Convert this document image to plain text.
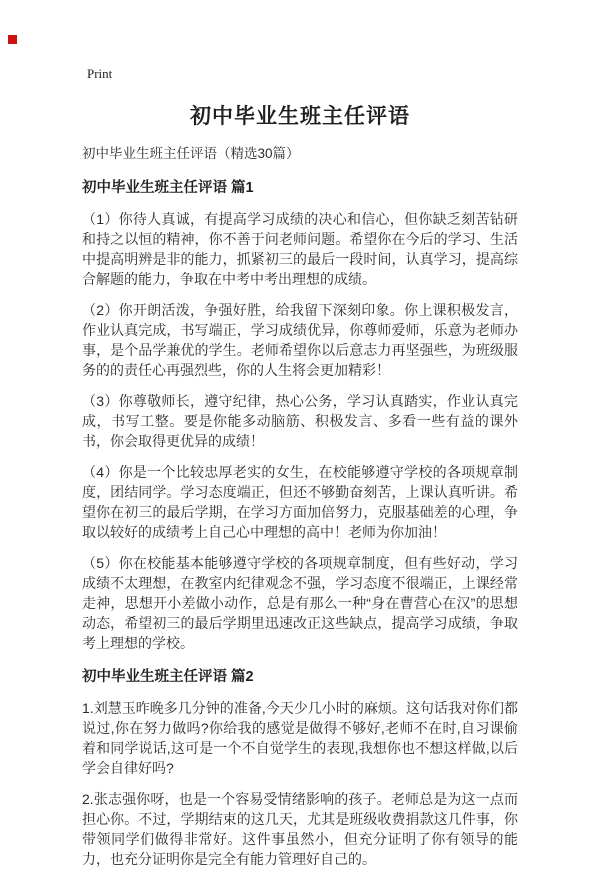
Print
初中毕业生班主任评语
初中毕业生班主任评语（精选30篇）
初中毕业生班主任评语 篇1

（1）你待人真诚，有提高学习成绩的决心和信心，但你缺乏刻苦钻研和持之以恒的精神，你不善于问老师问题。希望你在今后的学习、生活中提高明辨是非的能力，抓紧初三的最后一段时间，认真学习，提高综合解题的能力，争取在中考中考出理想的成绩。

（2）你开朗活泼，争强好胜，给我留下深刻印象。你上课积极发言，作业认真完成，书写端正，学习成绩优异，你尊师爱师，乐意为老师办事，是个品学兼优的学生。老师希望你以后意志力再坚强些，为班级服务的的责任心再强烈些，你的人生将会更加精彩！

（3）你尊敬师长，遵守纪律，热心公务，学习认真踏实，作业认真完成，书写工整。要是你能多动脑筋、积极发言、多看一些有益的课外书，你会取得更优异的成绩！

（4）你是一个比较忠厚老实的女生，在校能够遵守学校的各项规章制度，团结同学。学习态度端正，但还不够勤奋刻苦，上课认真听讲。希望你在初三的最后学期，在学习方面加倍努力，克服基础差的心理，争取以较好的成绩考上自己心中理想的高中！老师为你加油！

（5）你在校能基本能够遵守学校的各项规章制度，但有些好动，学习成绩不太理想，在教室内纪律观念不强，学习态度不很端正，上课经常走神，思想开小差做小动作，总是有那么一种“身在曹营心在汉”的思想动态，希望初三的最后学期里迅速改正这些缺点，提高学习成绩，争取考上理想的学校。

初中毕业生班主任评语 篇2

1.刘慧玉昨晚多几分钟的准备,今天少几小时的麻烦。这句话我对你们都说过,你在努力做吗?你给我的感觉是做得不够好,老师不在时,自习课偷着和同学说话,这可是一个不自觉学生的表现,我想你也不想这样做,以后学会自律好吗?

2.张志强你呀，也是一个容易受情绪影响的孩子。老师总是为这一点而担心你。不过，学期结束的这几天，尤其是班级收费捐款这几件事，你带领同学们做得非常好。这件事虽然小，但充分证明了你有领导的能力，也充分证明你是完全有能力管理好自己的。
